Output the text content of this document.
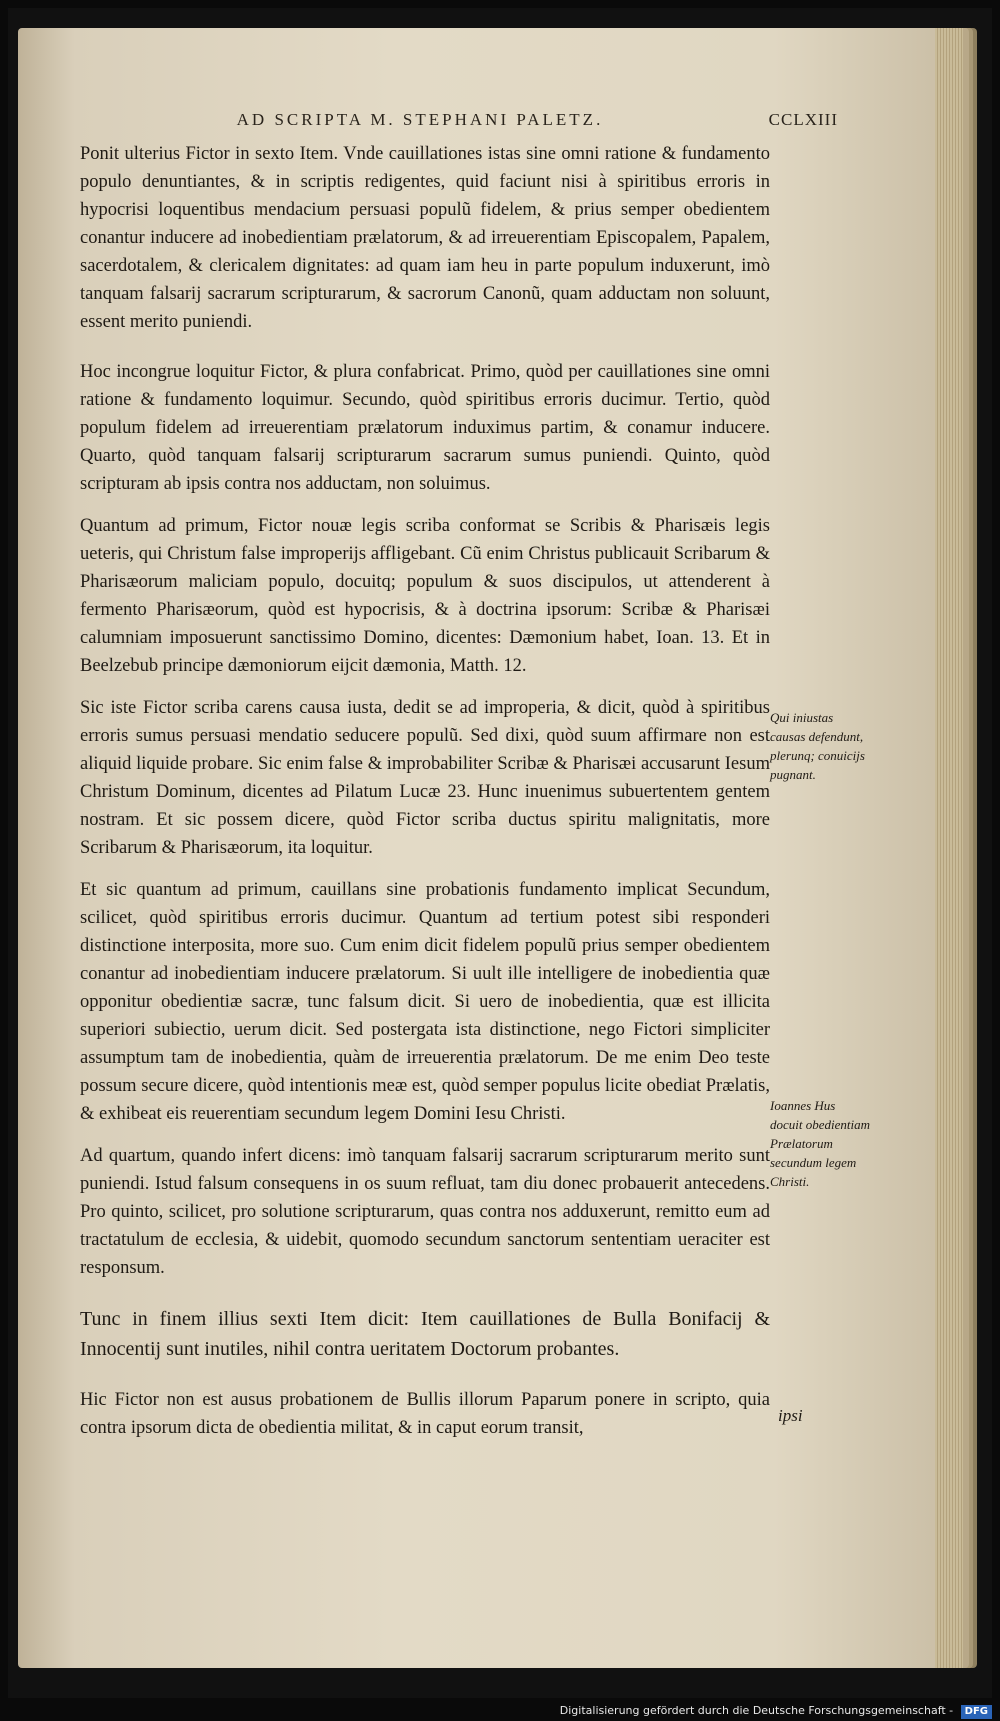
AD SCRIPTA M. STEPHANI PALETZ.	CCLXIII

Ponit ulterius Fictor in sexto Item. Vnde cauillationes istas sine omni ratione & fundamento populo denuntiantes, & in scriptis redigentes, quid faciunt nisi à spiritibus erroris in hypocrisi loquentibus mendacium persuasi populũ fidelem, & prius semper obedientem conantur inducere ad inobedientiam prælatorum, & ad irreuerentiam Episcopalem, Papalem, sacerdotalem, & clericalem dignitates: ad quam iam heu in parte populum induxerunt, imò tanquam falsarij sacrarum scripturarum, & sacrorum Canonũ, quam adductam non soluunt, essent merito puniendi.

Hoc incongrue loquitur Fictor, & plura confabricat. Primo, quòd per cauillationes sine omni ratione & fundamento loquimur. Secundo, quòd spiritibus erroris ducimur. Tertio, quòd populum fidelem ad irreuerentiam prælatorum induximus partim, & conamur inducere. Quarto, quòd tanquam falsarij scripturarum sacrarum sumus puniendi. Quinto, quòd scripturam ab ipsis contra nos adductam, non soluimus.

Quantum ad primum, Fictor nouæ legis scriba conformat se Scribis & Pharisæis legis ueteris, qui Christum false improperijs affligebant. Cũ enim Christus publicauit Scribarum & Pharisæorum maliciam populo, docuitq; populum & suos discipulos, ut attenderent à fermento Pharisæorum, quòd est hypocrisis, & à doctrina ipsorum: Scribæ & Pharisæi calumniam imposuerunt sanctissimo Domino, dicentes: Dæmonium habet, Ioan. 13. Et in Beelzebub principe dæmoniorum eijcit dæmonia, Matth. 12.

Sic iste Fictor scriba carens causa iusta, dedit se ad improperia, & dicit, quòd à spiritibus erroris sumus persuasi mendatio seducere populũ. Sed dixi, quòd suum affirmare non est aliquid liquide probare. Sic enim false & improbabiliter Scribæ & Pharisæi accusarunt Iesum Christum Dominum, dicentes ad Pilatum Lucæ 23. Hunc inuenimus subuertentem gentem nostram. Et sic possem dicere, quòd Fictor scriba ductus spiritu malignitatis, more Scribarum & Pharisæorum, ita loquitur.

Et sic quantum ad primum, cauillans sine probationis fundamento implicat Secundum, scilicet, quòd spiritibus erroris ducimur. Quantum ad tertium potest sibi responderi distinctione interposita, more suo. Cum enim dicit fidelem populũ prius semper obedientem conantur ad inobedientiam inducere prælatorum. Si uult ille intelligere de inobedientia quæ opponitur obedientiæ sacræ, tunc falsum dicit. Si uero de inobedientia, quæ est illicita superiori subiectio, uerum dicit. Sed postergata ista distinctione, nego Fictori simpliciter assumptum tam de inobedientia, quàm de irreuerentia prælatorum. De me enim Deo teste possum secure dicere, quòd intentionis meæ est, quòd semper populus licite obediat Prælatis, & exhibeat eis reuerentiam secundum legem Domini Iesu Christi.

Ad quartum, quando infert dicens: imò tanquam falsarij sacrarum scripturarum merito sunt puniendi. Istud falsum consequens in os suum refluat, tam diu donec probauerit antecedens. Pro quinto, scilicet, pro solutione scripturarum, quas contra nos adduxerunt, remitto eum ad tractatulum de ecclesia, & uidebit, quomodo secundum sanctorum sententiam ueraciter est responsum.

Tunc in finem illius sexti Item dicit: Item cauillationes de Bulla Bonifacij & Innocentij sunt inutiles, nihil contra ueritatem Doctorum probantes.

Hic Fictor non est ausus probationem de Bullis illorum Paparum ponere in scripto, quia contra ipsorum dicta de obedientia militat, & in caput eorum transit,

Qui iniustas causas defendunt, plerunq; conuicijs pugnant.
Ioannes Hus docuit obedientiam Prælatorum secundum legem Christi.
ipsi
Digitalisierung gefördert durch die Deutsche Forschungsgemeinschaft - DFG
